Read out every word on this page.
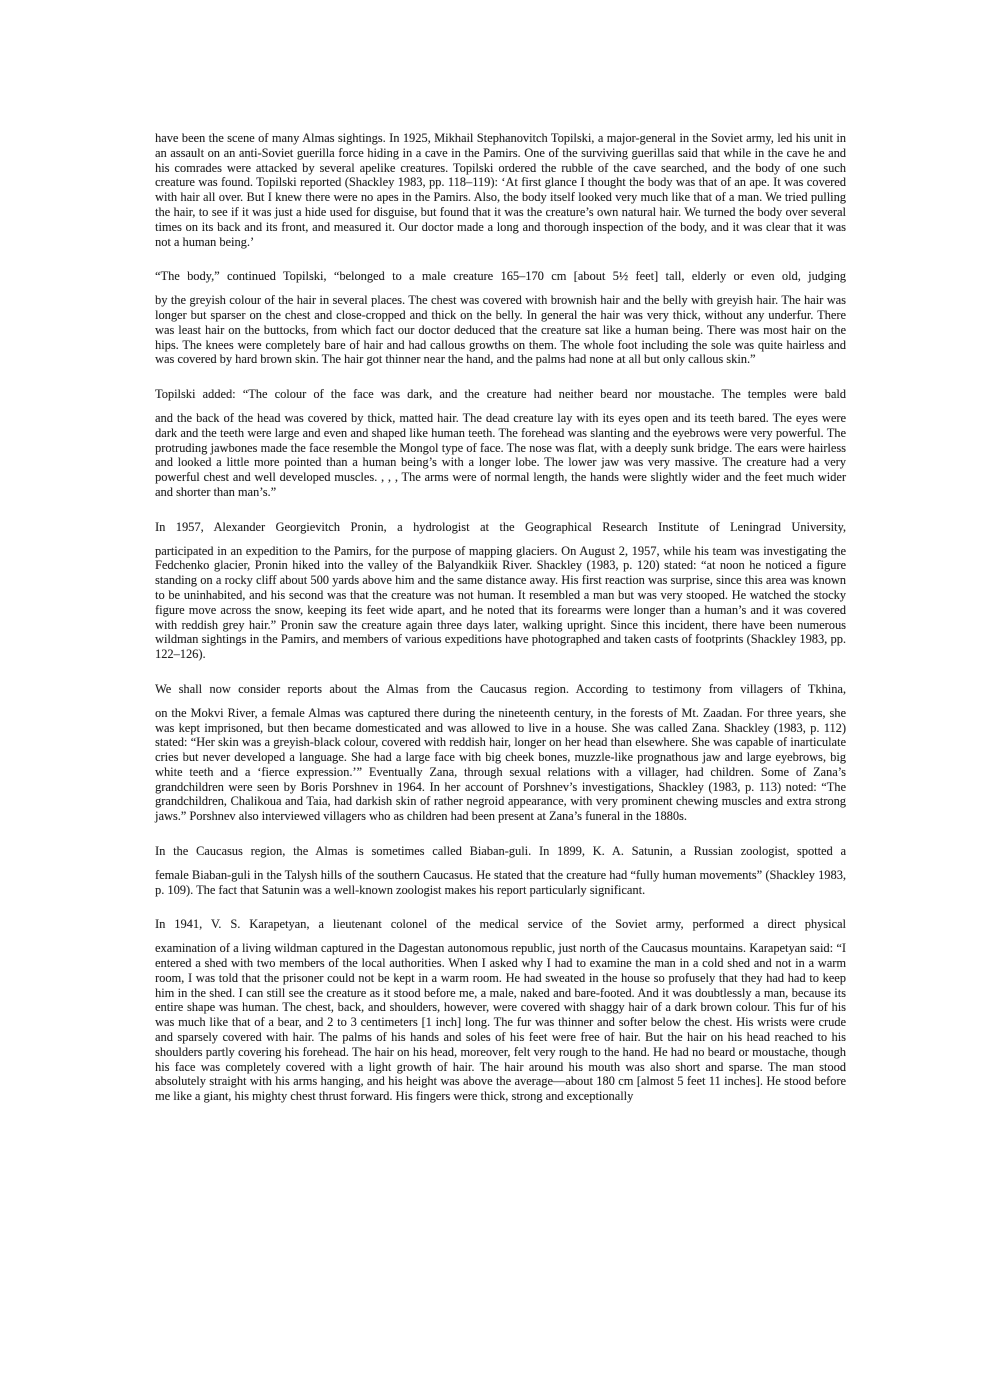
have been the scene of many Almas sightings. In 1925, Mikhail Stephanovitch Topilski, a major-general in the Soviet army, led his unit in an assault on an anti-Soviet guerilla force hiding in a cave in the Pamirs. One of the surviving guerillas said that while in the cave he and his comrades were attacked by several apelike creatures. Topilski ordered the rubble of the cave searched, and the body of one such creature was found. Topilski reported (Shackley 1983, pp. 118–119): ‘At first glance I thought the body was that of an ape. It was covered with hair all over. But I knew there were no apes in the Pamirs. Also, the body itself looked very much like that of a man. We tried pulling the hair, to see if it was just a hide used for disguise, but found that it was the creature’s own natural hair. We turned the body over several times on its back and its front, and measured it. Our doctor made a long and thorough inspection of the body, and it was clear that it was not a human being.’
“The body,” continued Topilski, “belonged to a male creature 165–170 cm [about 5½ feet] tall, elderly or even old, judging
by the greyish colour of the hair in several places. The chest was covered with brownish hair and the belly with greyish hair. The hair was longer but sparser on the chest and close-cropped and thick on the belly. In general the hair was very thick, without any underfur. There was least hair on the buttocks, from which fact our doctor deduced that the creature sat like a human being. There was most hair on the hips. The knees were completely bare of hair and had callous growths on them. The whole foot including the sole was quite hairless and was covered by hard brown skin. The hair got thinner near the hand, and the palms had none at all but only callous skin.”
Topilski added: “The colour of the face was dark, and the creature had neither beard nor moustache. The temples were bald
and the back of the head was covered by thick, matted hair. The dead creature lay with its eyes open and its teeth bared. The eyes were dark and the teeth were large and even and shaped like human teeth. The forehead was slanting and the eyebrows were very powerful. The protruding jawbones made the face resemble the Mongol type of face. The nose was flat, with a deeply sunk bridge. The ears were hairless and looked a little more pointed than a human being’s with a longer lobe. The lower jaw was very massive. The creature had a very powerful chest and well developed muscles. , , , The arms were of normal length, the hands were slightly wider and the feet much wider and shorter than man’s.”
In 1957, Alexander Georgievitch Pronin, a hydrologist at the Geographical Research Institute of Leningrad University,
participated in an expedition to the Pamirs, for the purpose of mapping glaciers. On August 2, 1957, while his team was investigating the Fedchenko glacier, Pronin hiked into the valley of the Balyandkiik River. Shackley (1983, p. 120) stated: “at noon he noticed a figure standing on a rocky cliff about 500 yards above him and the same distance away. His first reaction was surprise, since this area was known to be uninhabited, and his second was that the creature was not human. It resembled a man but was very stooped. He watched the stocky figure move across the snow, keeping its feet wide apart, and he noted that its forearms were longer than a human’s and it was covered with reddish grey hair.” Pronin saw the creature again three days later, walking upright. Since this incident, there have been numerous wildman sightings in the Pamirs, and members of various expeditions have photographed and taken casts of footprints (Shackley 1983, pp. 122–126).
We shall now consider reports about the Almas from the Caucasus region. According to testimony from villagers of Tkhina,
on the Mokvi River, a female Almas was captured there during the nineteenth century, in the forests of Mt. Zaadan. For three years, she was kept imprisoned, but then became domesticated and was allowed to live in a house. She was called Zana. Shackley (1983, p. 112) stated: “Her skin was a greyish-black colour, covered with reddish hair, longer on her head than elsewhere. She was capable of inarticulate cries but never developed a language. She had a large face with big cheek bones, muzzle-like prognathous jaw and large eyebrows, big white teeth and a ‘fierce expression.’” Eventually Zana, through sexual relations with a villager, had children. Some of Zana’s grandchildren were seen by Boris Porshnev in 1964. In her account of Porshnev’s investigations, Shackley (1983, p. 113) noted: “The grandchildren, Chalikoua and Taia, had darkish skin of rather negroid appearance, with very prominent chewing muscles and extra strong jaws.” Porshnev also interviewed villagers who as children had been present at Zana’s funeral in the 1880s.
In the Caucasus region, the Almas is sometimes called Biaban-guli. In 1899, K. A. Satunin, a Russian zoologist, spotted a
female Biaban-guli in the Talysh hills of the southern Caucasus. He stated that the creature had “fully human movements” (Shackley 1983, p. 109). The fact that Satunin was a well-known zoologist makes his report particularly significant.
In 1941, V. S. Karapetyan, a lieutenant colonel of the medical service of the Soviet army, performed a direct physical
examination of a living wildman captured in the Dagestan autonomous republic, just north of the Caucasus mountains. Karapetyan said: “I entered a shed with two members of the local authorities. When I asked why I had to examine the man in a cold shed and not in a warm room, I was told that the prisoner could not be kept in a warm room. He had sweated in the house so profusely that they had had to keep him in the shed. I can still see the creature as it stood before me, a male, naked and bare-footed. And it was doubtlessly a man, because its entire shape was human. The chest, back, and shoulders, however, were covered with shaggy hair of a dark brown colour. This fur of his was much like that of a bear, and 2 to 3 centimeters [1 inch] long. The fur was thinner and softer below the chest. His wrists were crude and sparsely covered with hair. The palms of his hands and soles of his feet were free of hair. But the hair on his head reached to his shoulders partly covering his forehead. The hair on his head, moreover, felt very rough to the hand. He had no beard or moustache, though his face was completely covered with a light growth of hair. The hair around his mouth was also short and sparse. The man stood absolutely straight with his arms hanging, and his height was above the average—about 180 cm [almost 5 feet 11 inches]. He stood before me like a giant, his mighty chest thrust forward. His fingers were thick, strong and exceptionally
